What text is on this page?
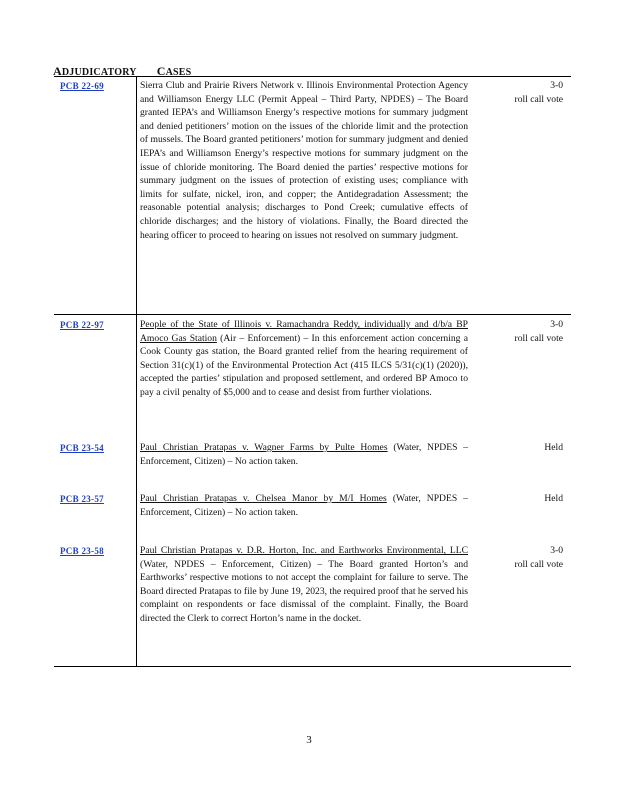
ADJUDICATORY CASES
PCB 22-69	Sierra Club and Prairie Rivers Network v. Illinois Environmental Protection Agency and Williamson Energy LLC (Permit Appeal – Third Party, NPDES) – The Board granted IEPA’s and Williamson Energy’s respective motions for summary judgment and denied petitioners’ motion on the issues of the chloride limit and the protection of mussels. The Board granted petitioners’ motion for summary judgment and denied IEPA’s and Williamson Energy’s respective motions for summary judgment on the issue of chloride monitoring. The Board denied the parties’ respective motions for summary judgment on the issues of protection of existing uses; compliance with limits for sulfate, nickel, iron, and copper; the Antidegradation Assessment; the reasonable potential analysis; discharges to Pond Creek; cumulative effects of chloride discharges; and the history of violations. Finally, the Board directed the hearing officer to proceed to hearing on issues not resolved on summary judgment.
3-0
roll call vote
PCB 22-97	People of the State of Illinois v. Ramachandra Reddy, individually and d/b/a BP Amoco Gas Station (Air – Enforcement) – In this enforcement action concerning a Cook County gas station, the Board granted relief from the hearing requirement of Section 31(c)(1) of the Environmental Protection Act (415 ILCS 5/31(c)(1) (2020)), accepted the parties’ stipulation and proposed settlement, and ordered BP Amoco to pay a civil penalty of $5,000 and to cease and desist from further violations.
3-0
roll call vote
PCB 23-54	Paul Christian Pratapas v. Wagner Farms by Pulte Homes (Water, NPDES – Enforcement, Citizen) – No action taken.
Held
PCB 23-57	Paul Christian Pratapas v. Chelsea Manor by M/I Homes (Water, NPDES – Enforcement, Citizen) – No action taken.
Held
PCB 23-58	Paul Christian Pratapas v. D.R. Horton, Inc. and Earthworks Environmental, LLC (Water, NPDES – Enforcement, Citizen) – The Board granted Horton’s and Earthworks’ respective motions to not accept the complaint for failure to serve. The Board directed Pratapas to file by June 19, 2023, the required proof that he served his complaint on respondents or face dismissal of the complaint. Finally, the Board directed the Clerk to correct Horton’s name in the docket.
3-0
roll call vote
3
